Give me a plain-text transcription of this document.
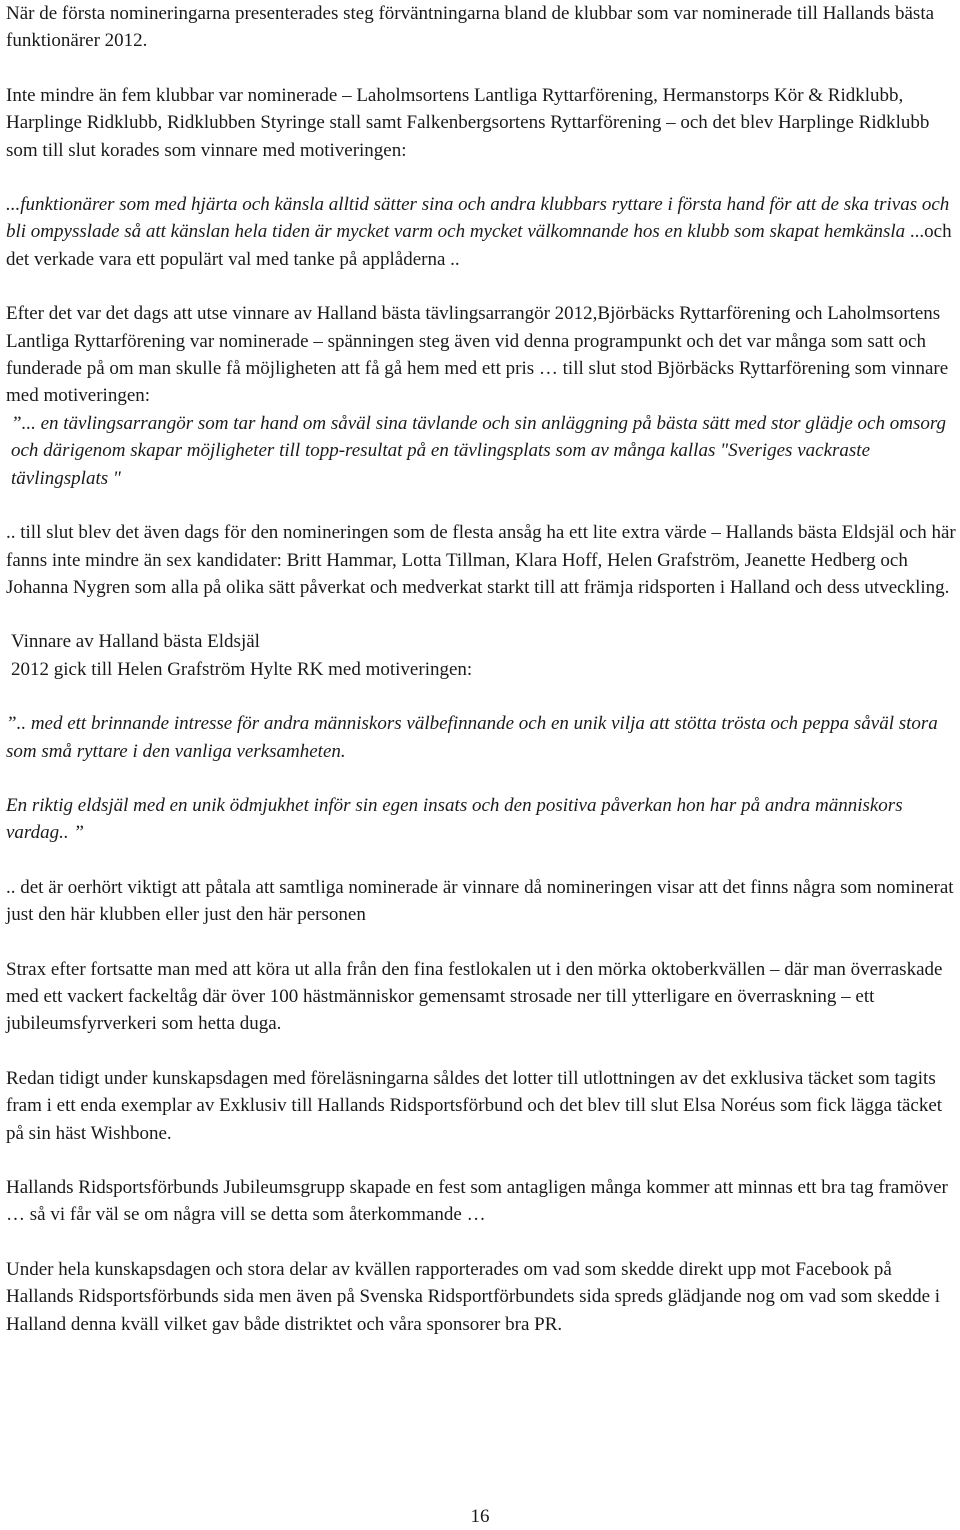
När de första nomineringarna presenterades steg förväntningarna bland de klubbar som var nominerade till Hallands bästa funktionärer 2012.

Inte mindre än fem klubbar var nominerade – Laholmsortens Lantliga Ryttarförening, Hermanstorps Kör & Ridklubb, Harplinge Ridklubb, Ridklubben Styringe stall samt Falkenbergsortens Ryttarförening – och det blev Harplinge Ridklubb som till slut korades som vinnare med motiveringen:

...funktionärer som med hjärta och känsla alltid sätter sina och andra klubbars ryttare i första hand för att de ska trivas och bli ompysslade så att känslan hela tiden är mycket varm och mycket välkomnande hos en klubb som skapat hemkänsla ...och det verkade vara ett populärt val med tanke på applåderna ..

Efter det var det dags att utse vinnare av Halland bästa tävlingsarrangör 2012,Björbäcks Ryttarförening och Laholmsortens Lantliga Ryttarförening var nominerade – spänningen steg även vid denna programpunkt och det var många som satt och funderade på om man skulle få möjligheten att få gå hem med ett pris … till slut stod Björbäcks Ryttarförening som vinnare med motiveringen:

”... en tävlingsarrangör som tar hand om såväl sina tävlande och sin anläggning på bästa sätt med stor glädje och omsorg och därigenom skapar möjligheter till topp-resultat på en tävlingsplats som av många kallas "Sveriges vackraste tävlingsplats "

.. till slut blev det även dags för den nomineringen som de flesta ansåg ha ett lite extra värde – Hallands bästa Eldsjäl och här fanns inte mindre än sex kandidater: Britt Hammar, Lotta Tillman, Klara Hoff, Helen Grafström, Jeanette Hedberg och Johanna Nygren som alla på olika sätt påverkat och medverkat starkt till att främja ridsporten i Halland och dess utveckling.

Vinnare av Halland bästa Eldsjäl

2012 gick till Helen Grafström Hylte RK med motiveringen:

”.. med ett brinnande intresse för andra människors välbefinnande och en unik vilja att stötta trösta och peppa såväl stora som små ryttare i den vanliga verksamheten.

En riktig eldsjäl med en unik ödmjukhet inför sin egen insats och den positiva påverkan hon har på andra människors vardag.. ”

.. det är oerhört viktigt att påtala att samtliga nominerade är vinnare då nomineringen visar att det finns några som nominerat just den här klubben eller just den här personen

Strax efter fortsatte man med att köra ut alla från den fina festlokalen ut i den mörka oktoberkvällen – där man överraskade med ett vackert fackeltåg där över 100 hästmänniskor gemensamt strosade ner till ytterligare en överraskning – ett jubileumsfyrverkeri som hetta duga.

Redan tidigt under kunskapsdagen med föreläsningarna såldes det lotter till utlottningen av det exklusiva täcket som tagits fram i ett enda exemplar av Exklusiv till Hallands Ridsportsförbund och det blev till slut Elsa Noréus som fick lägga täcket på sin häst Wishbone.

Hallands Ridsportsförbunds Jubileumsgrupp skapade en fest som antagligen många kommer att minnas ett bra tag framöver … så vi får väl se om några vill se detta som återkommande …

Under hela kunskapsdagen och stora delar av kvällen rapporterades om vad som skedde direkt upp mot Facebook på Hallands Ridsportsförbunds sida men även på Svenska Ridsportförbundets sida spreds glädjande nog om vad som skedde i Halland denna kväll vilket gav både distriktet och våra sponsorer bra PR.

16
